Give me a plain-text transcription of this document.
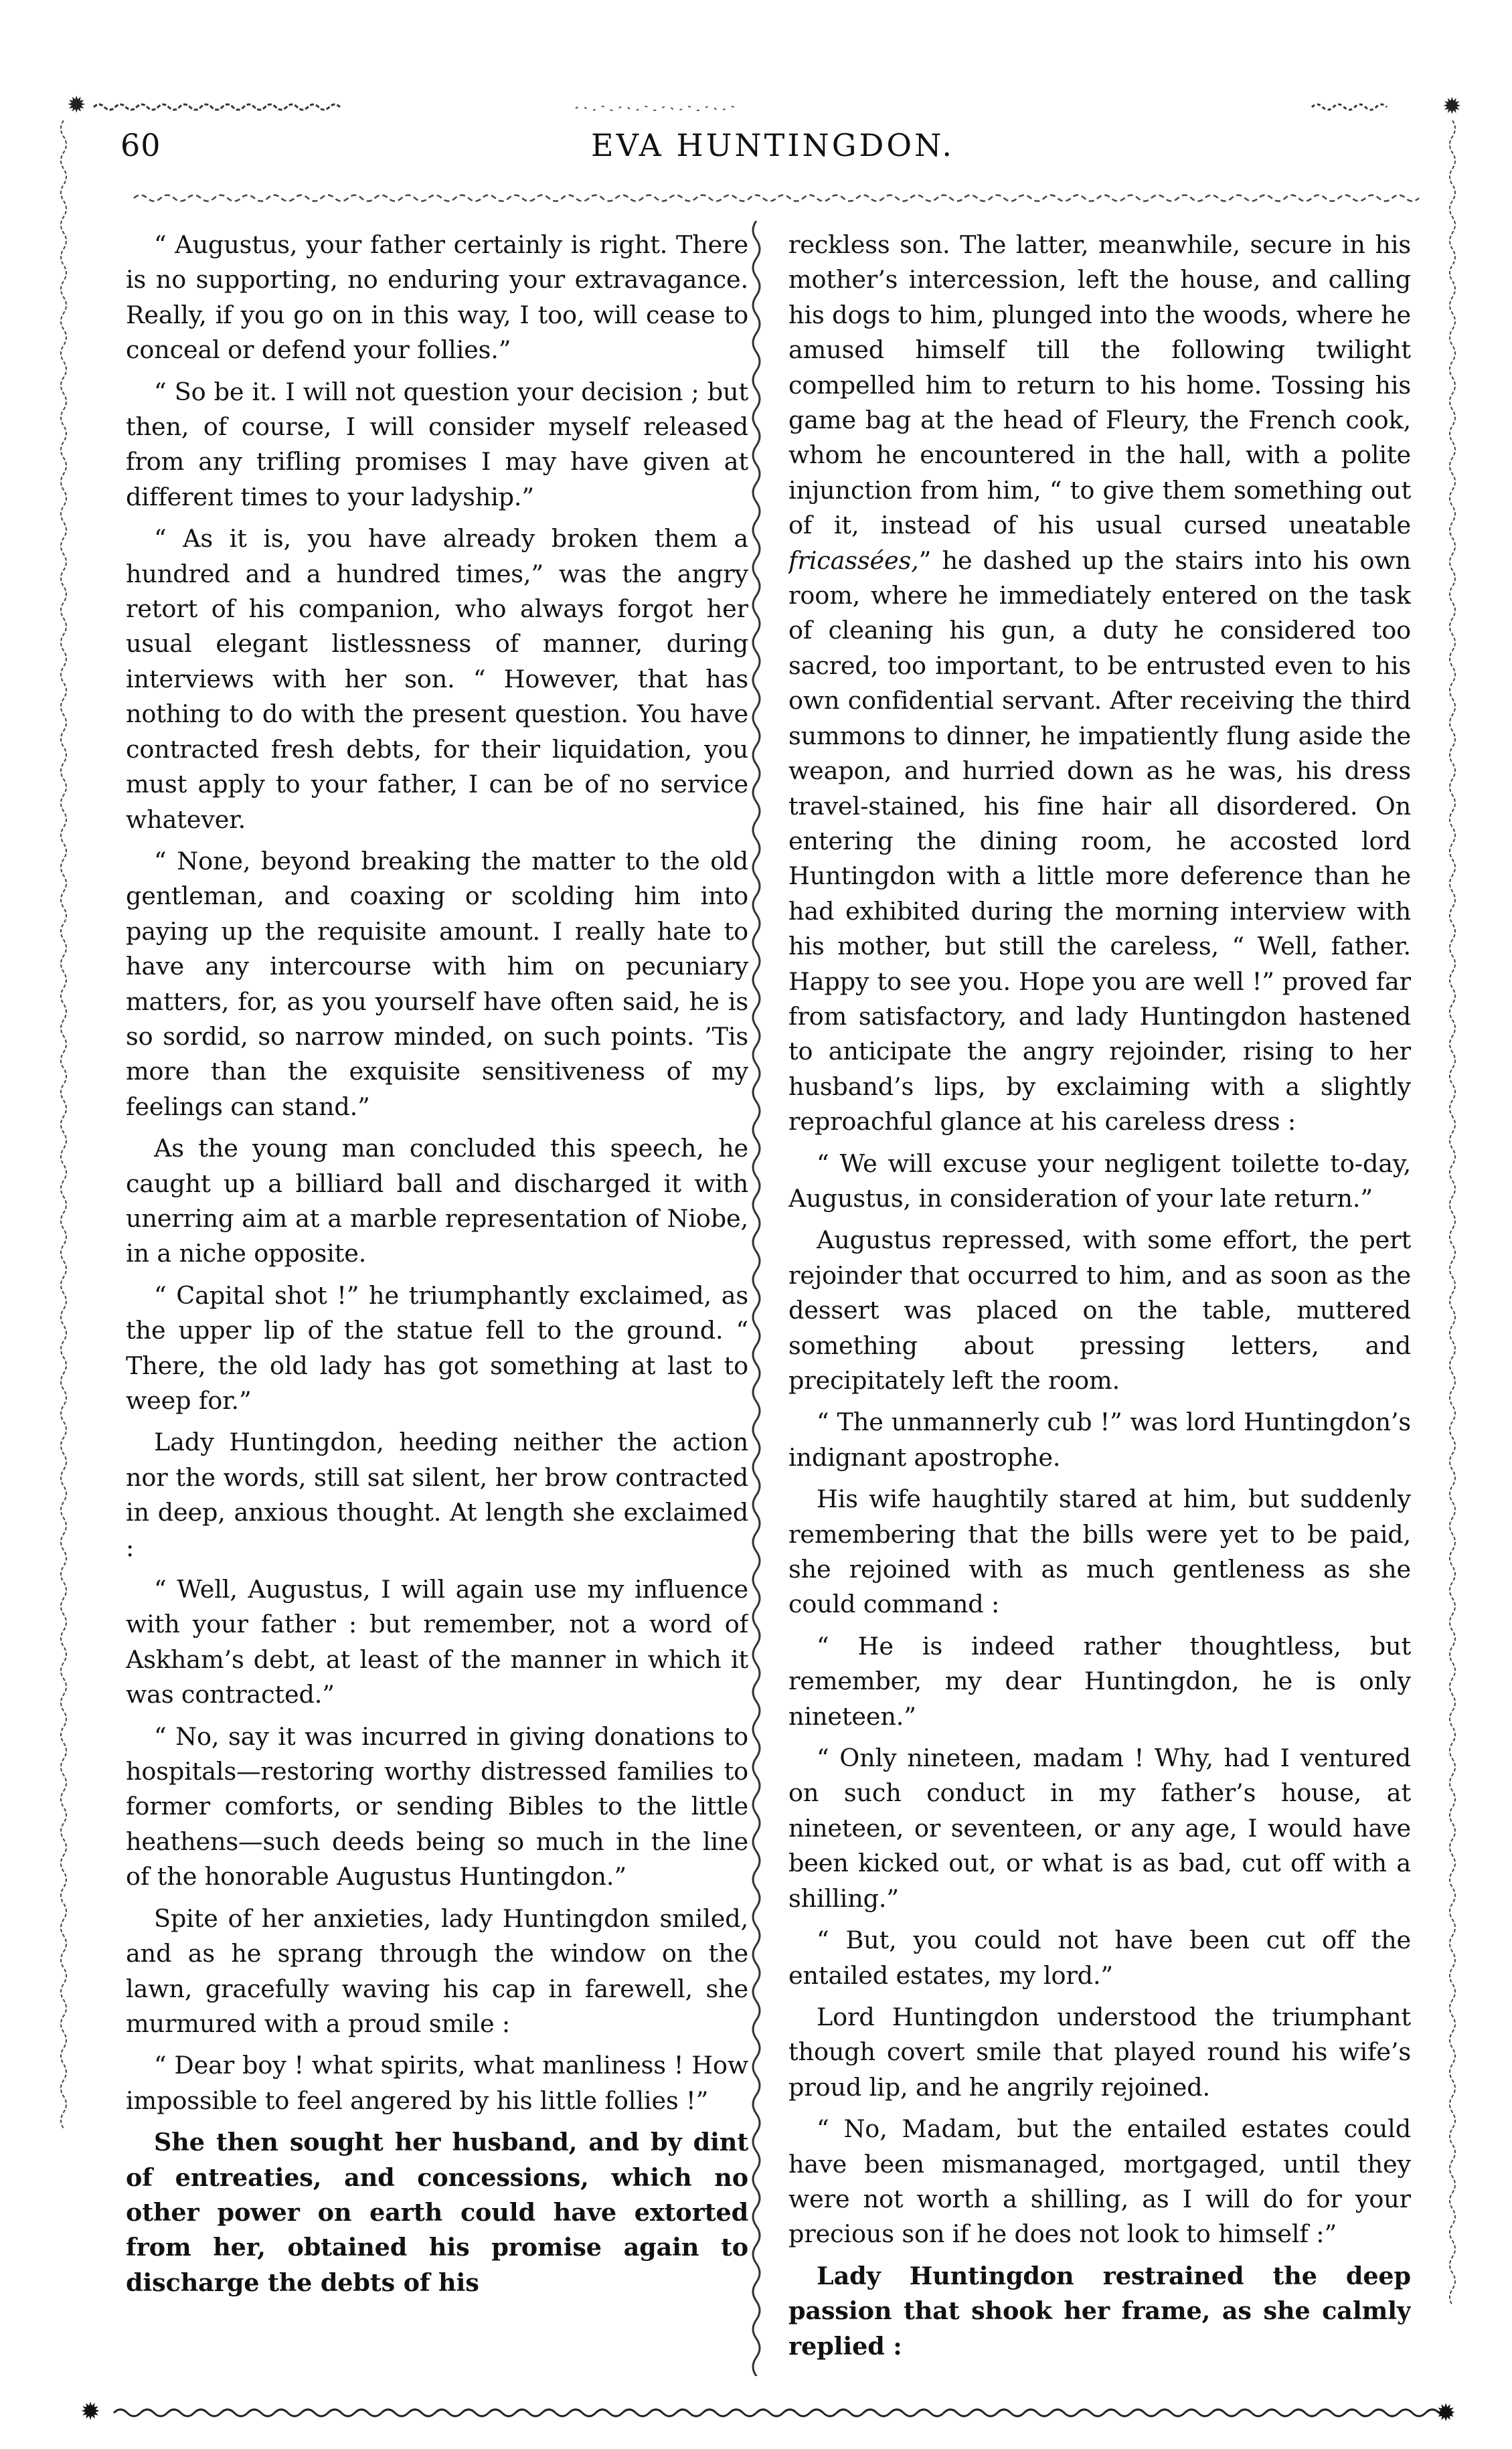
✹	✹
60	EVA HUNTINGDON.

“ Augustus, your father certainly is right. There is no supporting, no enduring your extravagance. Really, if you go on in this way, I too, will cease to conceal or defend your follies.”

“ So be it. I will not question your decision ; but then, of course, I will consider myself released from any trifling promises I may have given at different times to your ladyship.”

“ As it is, you have already broken them a hundred and a hundred times,” was the angry retort of his companion, who always forgot her usual elegant listlessness of manner, during interviews with her son. “ However, that has nothing to do with the present question. You have contracted fresh debts, for their liquidation, you must apply to your father, I can be of no service whatever.

“ None, beyond breaking the matter to the old gentleman, and coaxing or scolding him into paying up the requisite amount. I really hate to have any intercourse with him on pecuniary matters, for, as you yourself have often said, he is so sordid, so narrow minded, on such points. ’Tis more than the exquisite sensitiveness of my feelings can stand.”

As the young man concluded this speech, he caught up a billiard ball and discharged it with unerring aim at a marble representation of Niobe, in a niche opposite.

“ Capital shot !” he triumphantly exclaimed, as the upper lip of the statue fell to the ground. “ There, the old lady has got something at last to weep for.”

Lady Huntingdon, heeding neither the action nor the words, still sat silent, her brow contracted in deep, anxious thought. At length she exclaimed :

“ Well, Augustus, I will again use my influence with your father : but remember, not a word of Askham’s debt, at least of the manner in which it was contracted.”

“ No, say it was incurred in giving donations to hospitals—restoring worthy distressed families to former comforts, or sending Bibles to the little heathens—such deeds being so much in the line of the honorable Augustus Huntingdon.”

Spite of her anxieties, lady Huntingdon smiled, and as he sprang through the window on the lawn, gracefully waving his cap in farewell, she murmured with a proud smile :

“ Dear boy ! what spirits, what manliness ! How impossible to feel angered by his little follies !”

She then sought her husband, and by dint of entreaties, and concessions, which no other power on earth could have extorted from her, obtained his promise again to discharge the debts of his

reckless son. The latter, meanwhile, secure in his mother’s intercession, left the house, and calling his dogs to him, plunged into the woods, where he amused himself till the following twilight compelled him to return to his home. Tossing his game bag at the head of Fleury, the French cook, whom he encountered in the hall, with a polite injunction from him, “ to give them something out of it, instead of his usual cursed uneatable fricassées,” he dashed up the stairs into his own room, where he immediately entered on the task of cleaning his gun, a duty he considered too sacred, too important, to be entrusted even to his own confidential servant. After receiving the third summons to dinner, he impatiently flung aside the weapon, and hurried down as he was, his dress travel-stained, his fine hair all disordered. On entering the dining room, he accosted lord Huntingdon with a little more deference than he had exhibited during the morning interview with his mother, but still the careless, “ Well, father. Happy to see you. Hope you are well !” proved far from satisfactory, and lady Huntingdon hastened to anticipate the angry rejoinder, rising to her husband’s lips, by exclaiming with a slightly reproachful glance at his careless dress :

“ We will excuse your negligent toilette to-day, Augustus, in consideration of your late return.”

Augustus repressed, with some effort, the pert rejoinder that occurred to him, and as soon as the dessert was placed on the table, muttered something about pressing letters, and precipitately left the room.

“ The unmannerly cub !” was lord Huntingdon’s indignant apostrophe.

His wife haughtily stared at him, but suddenly remembering that the bills were yet to be paid, she rejoined with as much gentleness as she could command :

“ He is indeed rather thoughtless, but remember, my dear Huntingdon, he is only nineteen.”

“ Only nineteen, madam ! Why, had I ventured on such conduct in my father’s house, at nineteen, or seventeen, or any age, I would have been kicked out, or what is as bad, cut off with a shilling.”

“ But, you could not have been cut off the entailed estates, my lord.”

Lord Huntingdon understood the triumphant though covert smile that played round his wife’s proud lip, and he angrily rejoined.

“ No, Madam, but the entailed estates could have been mismanaged, mortgaged, until they were not worth a shilling, as I will do for your precious son if he does not look to himself :”

Lady Huntingdon restrained the deep passion that shook her frame, as she calmly replied :

✹	✹
